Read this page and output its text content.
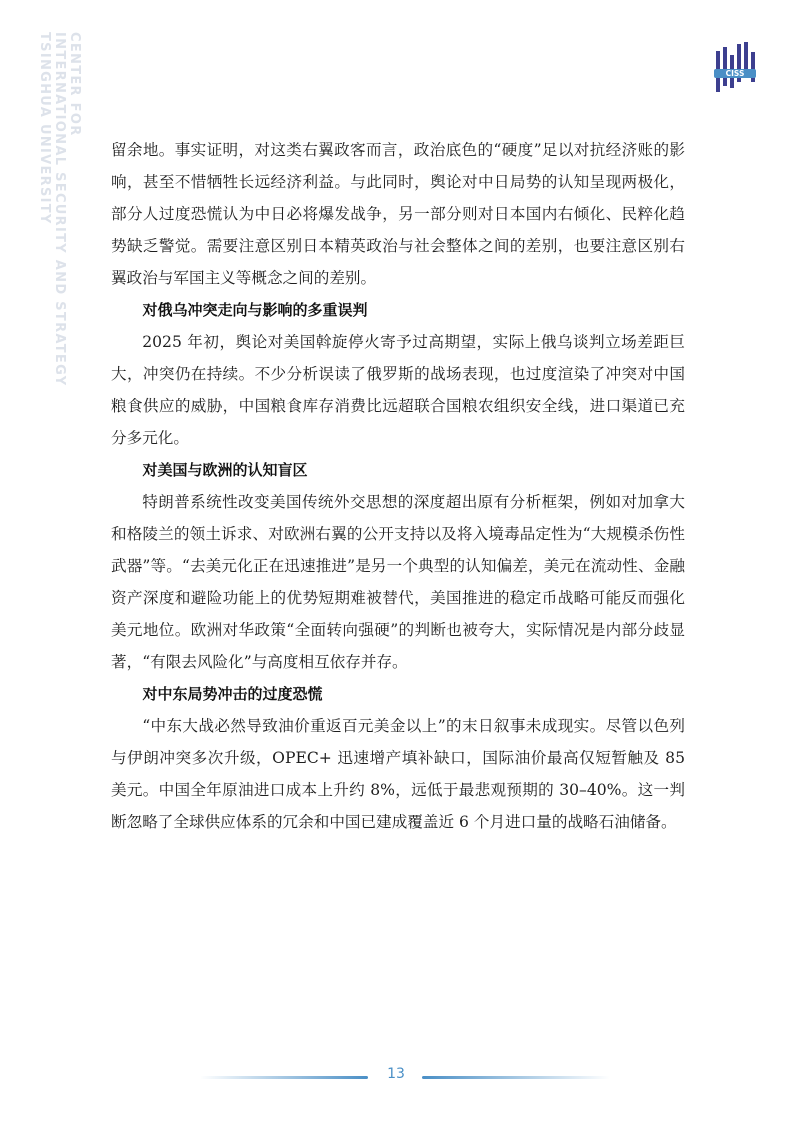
CENTER FOR
INTERNATIONAL SECURITY AND STRATEGY
TSINGHUA UNIVERSITY	CISS

留余地。事实证明，对这类右翼政客而言，政治底色的“硬度”足以对抗经济账的影响，甚至不惜牺牲长远经济利益。与此同时，舆论对中日局势的认知呈现两极化，部分人过度恐慌认为中日必将爆发战争，另一部分则对日本国内右倾化、民粹化趋势缺乏警觉。需要注意区别日本精英政治与社会整体之间的差别，也要注意区别右翼政治与军国主义等概念之间的差别。

对俄乌冲突走向与影响的多重误判

2025 年初，舆论对美国斡旋停火寄予过高期望，实际上俄乌谈判立场差距巨大，冲突仍在持续。不少分析误读了俄罗斯的战场表现，也过度渲染了冲突对中国粮食供应的威胁，中国粮食库存消费比远超联合国粮农组织安全线，进口渠道已充分多元化。

对美国与欧洲的认知盲区

特朗普系统性改变美国传统外交思想的深度超出原有分析框架，例如对加拿大和格陵兰的领土诉求、对欧洲右翼的公开支持以及将入境毒品定性为“大规模杀伤性武器”等。“去美元化正在迅速推进”是另一个典型的认知偏差，美元在流动性、金融资产深度和避险功能上的优势短期难被替代，美国推进的稳定币战略可能反而强化美元地位。欧洲对华政策“全面转向强硬”的判断也被夸大，实际情况是内部分歧显著，“有限去风险化”与高度相互依存并存。

对中东局势冲击的过度恐慌

“中东大战必然导致油价重返百元美金以上”的末日叙事未成现实。尽管以色列与伊朗冲突多次升级，OPEC+ 迅速增产填补缺口，国际油价最高仅短暂触及 85 美元。中国全年原油进口成本上升约 8%，远低于最悲观预期的 30–40%。这一判断忽略了全球供应体系的冗余和中国已建成覆盖近 6 个月进口量的战略石油储备。

13
